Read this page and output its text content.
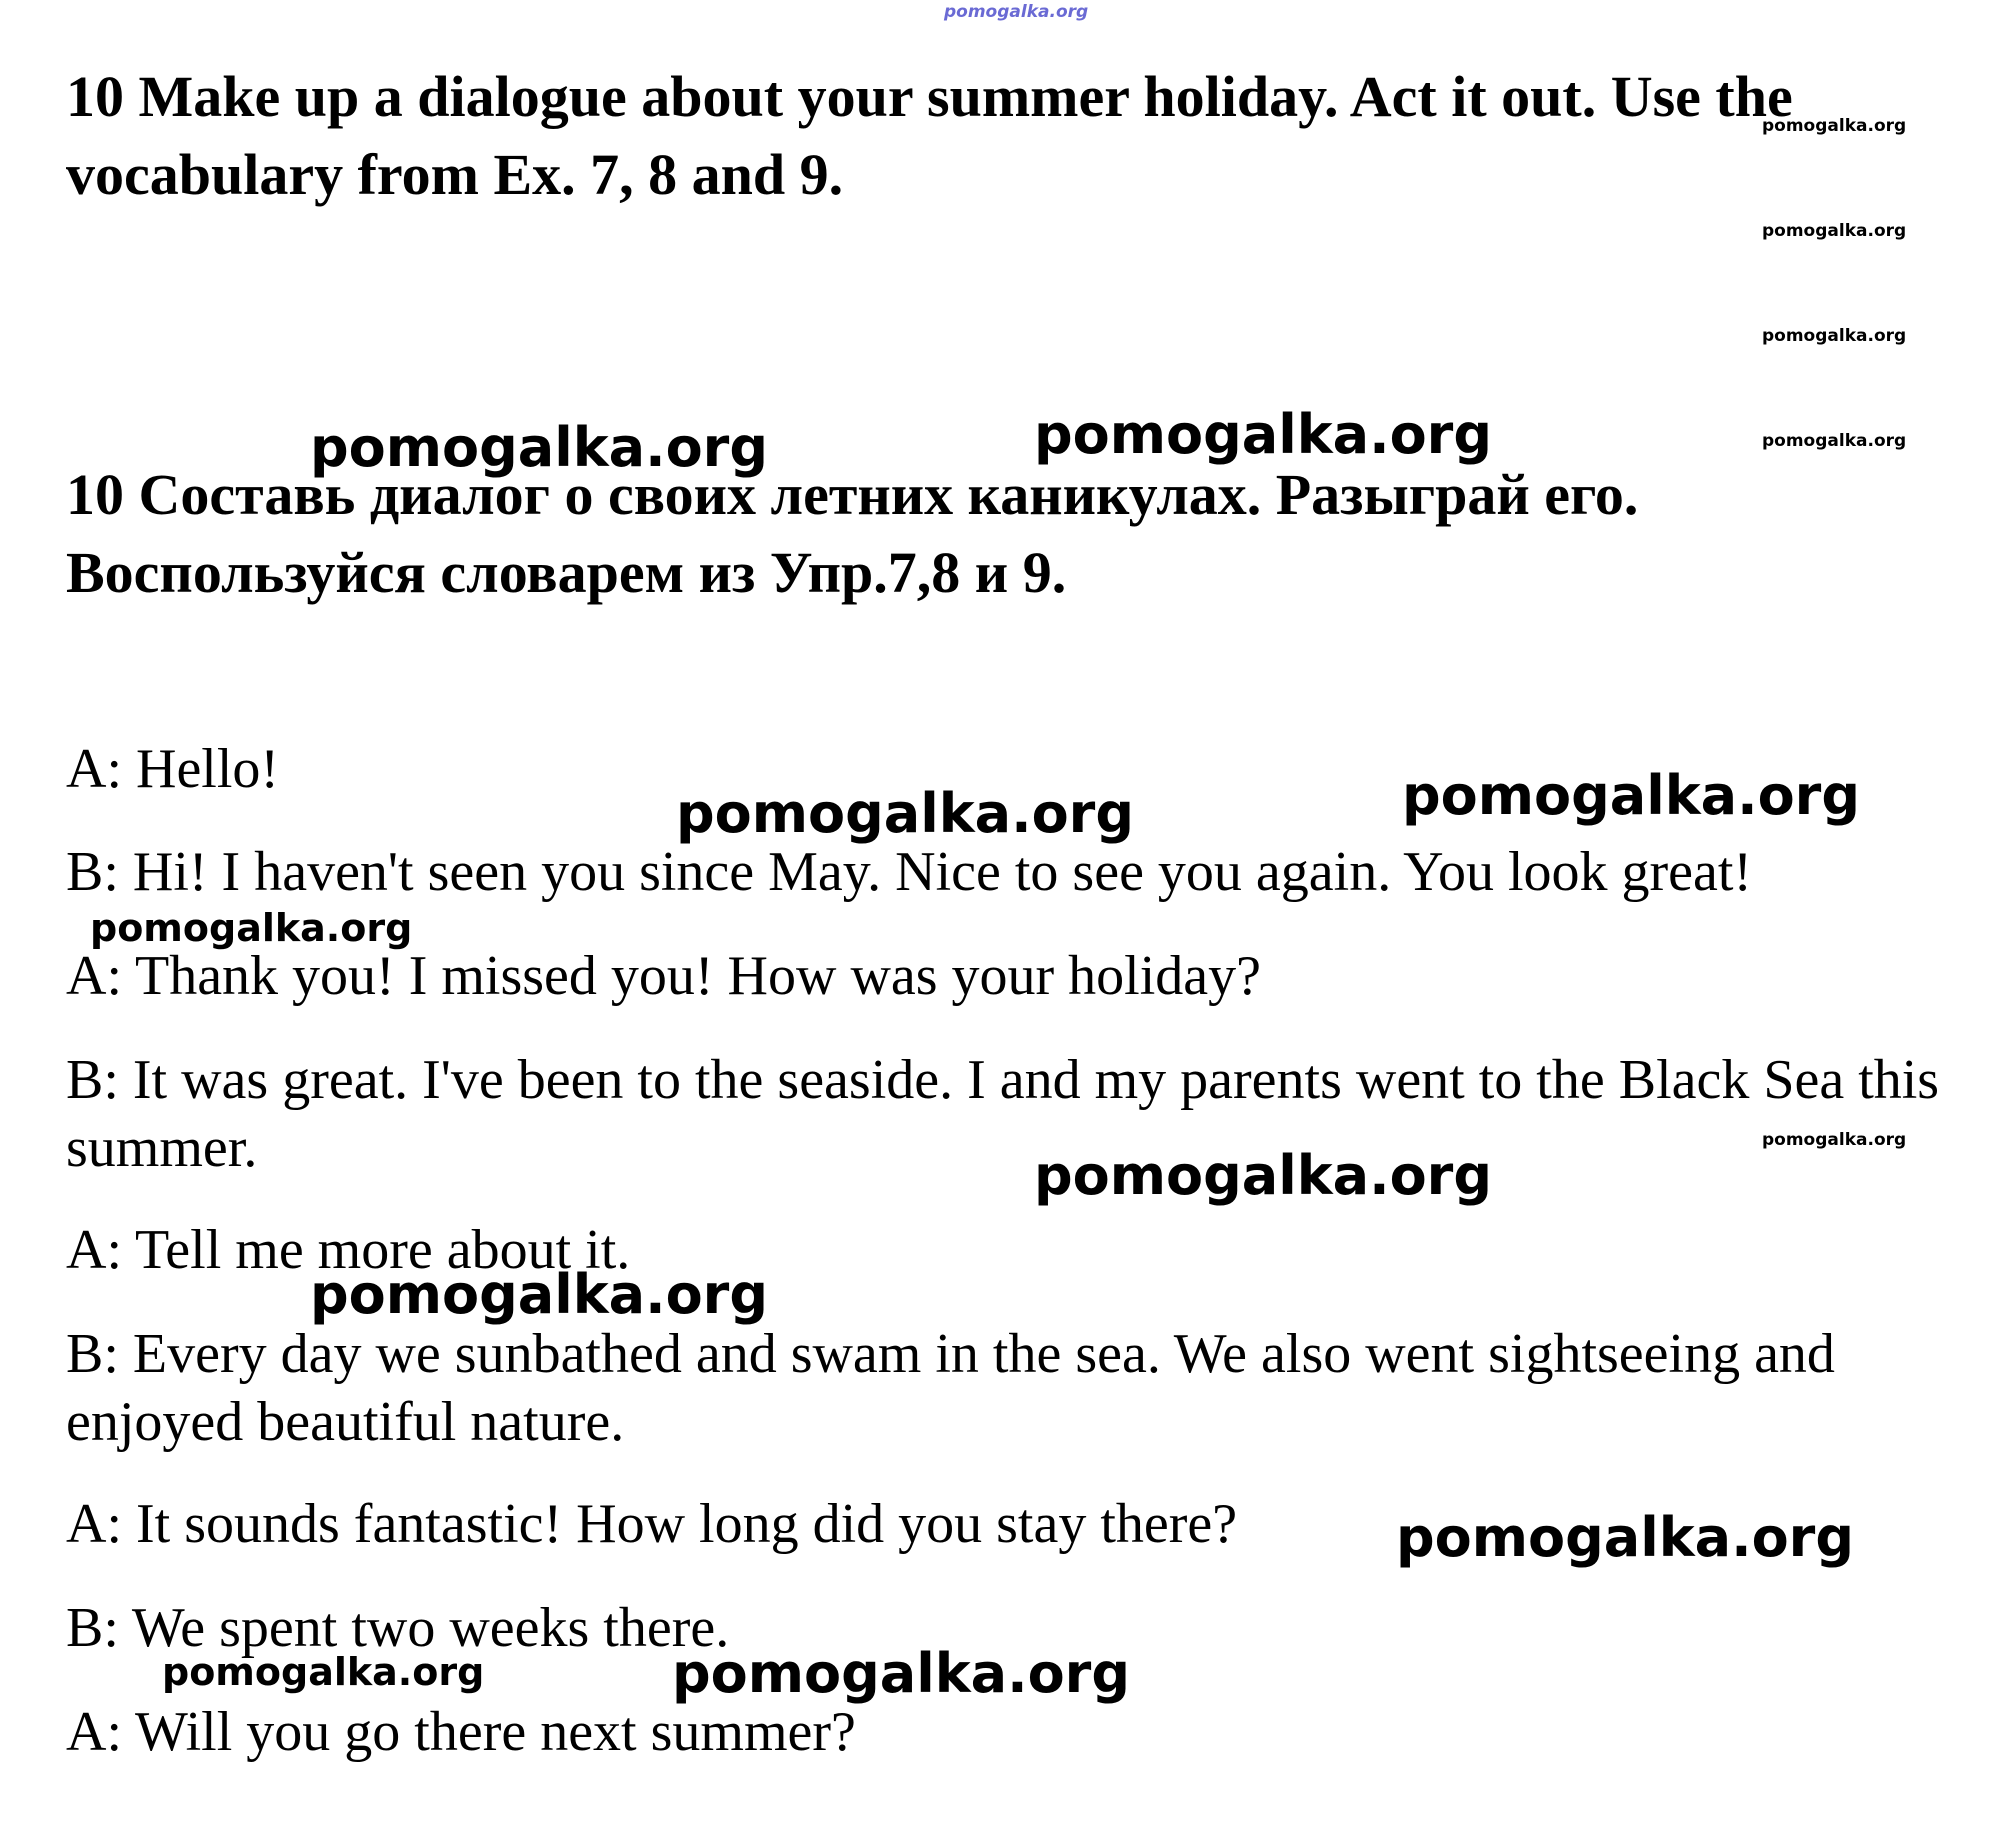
pomogalka.org

10 Make up a dialogue about your summer holiday. Act it out. Use the vocabulary from Ex. 7, 8 and 9.

pomogalka.org
pomogalka.org
pomogalka.org
pomogalka.org
pomogalka.org	pomogalka.org

10 Составь диалог о своих летних каникулах. Разыграй его. Воспользуйся словарем из Упр.7,8 и 9.

A: Hello!

pomogalka.org	pomogalka.org

B: Hi! I haven't seen you since May. Nice to see you again. You look great!

pomogalka.org

A: Thank you! I missed you! How was your holiday?

B: It was great. I've been to the seaside. I and my parents went to the Black Sea this summer.	pomogalka.org
pomogalka.org

A: Tell me more about it.

pomogalka.org

B: Every day we sunbathed and swam in the sea. We also went sightseeing and enjoyed beautiful nature.

A: It sounds fantastic! How long did you stay there?	pomogalka.org

B: We spent two weeks there.

pomogalka.org	pomogalka.org

A: Will you go there next summer?
